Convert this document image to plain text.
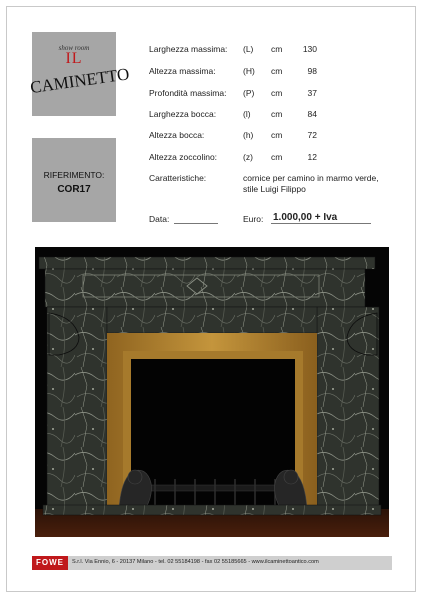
show room
IL
CAMINETTO
RIFERIMENTO:
COR17
Larghezza massima: (L) cm	130
Altezza massima:	(H) cm	98
Profondità massima: (P) cm	37
Larghezza bocca:	(l) cm	84
Altezza bocca:	(h) cm	72
Altezza zoccolino:	(z) cm	12
Caratteristiche:	cornice per camino in marmo verde, stile Luigi Filippo
Data:	Euro: 1.000,00 + Iva
FOWE	S.r.l. Via Ennio, 6 - 20137 Milano - tel. 02 55184198 - fax 02 55185665 - www.ilcaminettoantico.com
